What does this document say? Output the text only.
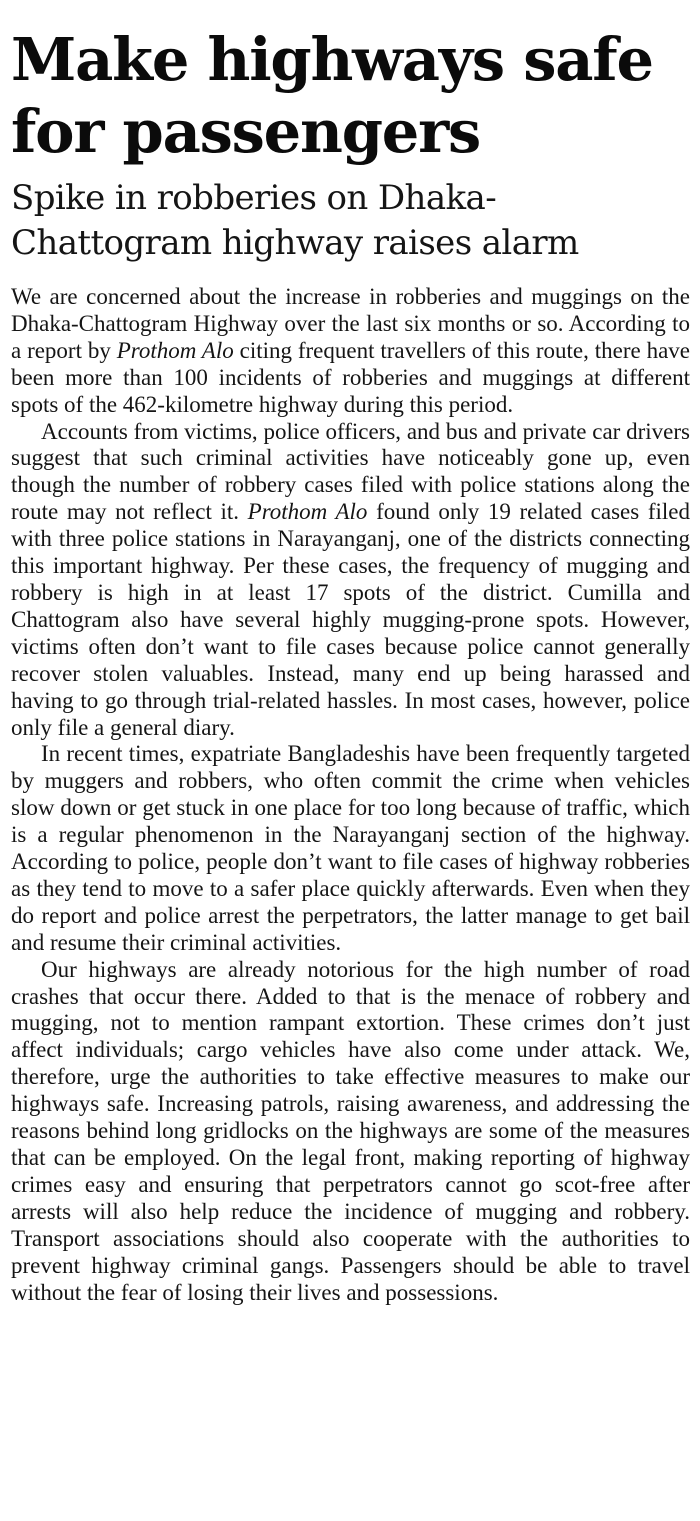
Make highways safe for passengers
Spike in robberies on Dhaka-Chattogram highway raises alarm

We are concerned about the increase in robberies and muggings on the Dhaka-Chattogram Highway over the last six months or so. According to a report by Prothom Alo citing frequent travellers of this route, there have been more than 100 incidents of robberies and muggings at different spots of the 462-kilometre highway during this period.

Accounts from victims, police officers, and bus and private car drivers suggest that such criminal activities have noticeably gone up, even though the number of robbery cases filed with police stations along the route may not reflect it. Prothom Alo found only 19 related cases filed with three police stations in Narayanganj, one of the districts connecting this important highway. Per these cases, the frequency of mugging and robbery is high in at least 17 spots of the district. Cumilla and Chattogram also have several highly mugging-prone spots. However, victims often don’t want to file cases because police cannot generally recover stolen valuables. Instead, many end up being harassed and having to go through trial-related hassles. In most cases, however, police only file a general diary.

In recent times, expatriate Bangladeshis have been frequently targeted by muggers and robbers, who often commit the crime when vehicles slow down or get stuck in one place for too long because of traffic, which is a regular phenomenon in the Narayanganj section of the highway. According to police, people don’t want to file cases of highway robberies as they tend to move to a safer place quickly afterwards. Even when they do report and police arrest the perpetrators, the latter manage to get bail and resume their criminal activities.

Our highways are already notorious for the high number of road crashes that occur there. Added to that is the menace of robbery and mugging, not to mention rampant extortion. These crimes don’t just affect individuals; cargo vehicles have also come under attack. We, therefore, urge the authorities to take effective measures to make our highways safe. Increasing patrols, raising awareness, and addressing the reasons behind long gridlocks on the highways are some of the measures that can be employed. On the legal front, making reporting of highway crimes easy and ensuring that perpetrators cannot go scot-free after arrests will also help reduce the incidence of mugging and robbery. Transport associations should also cooperate with the authorities to prevent highway criminal gangs. Passengers should be able to travel without the fear of losing their lives and possessions.
